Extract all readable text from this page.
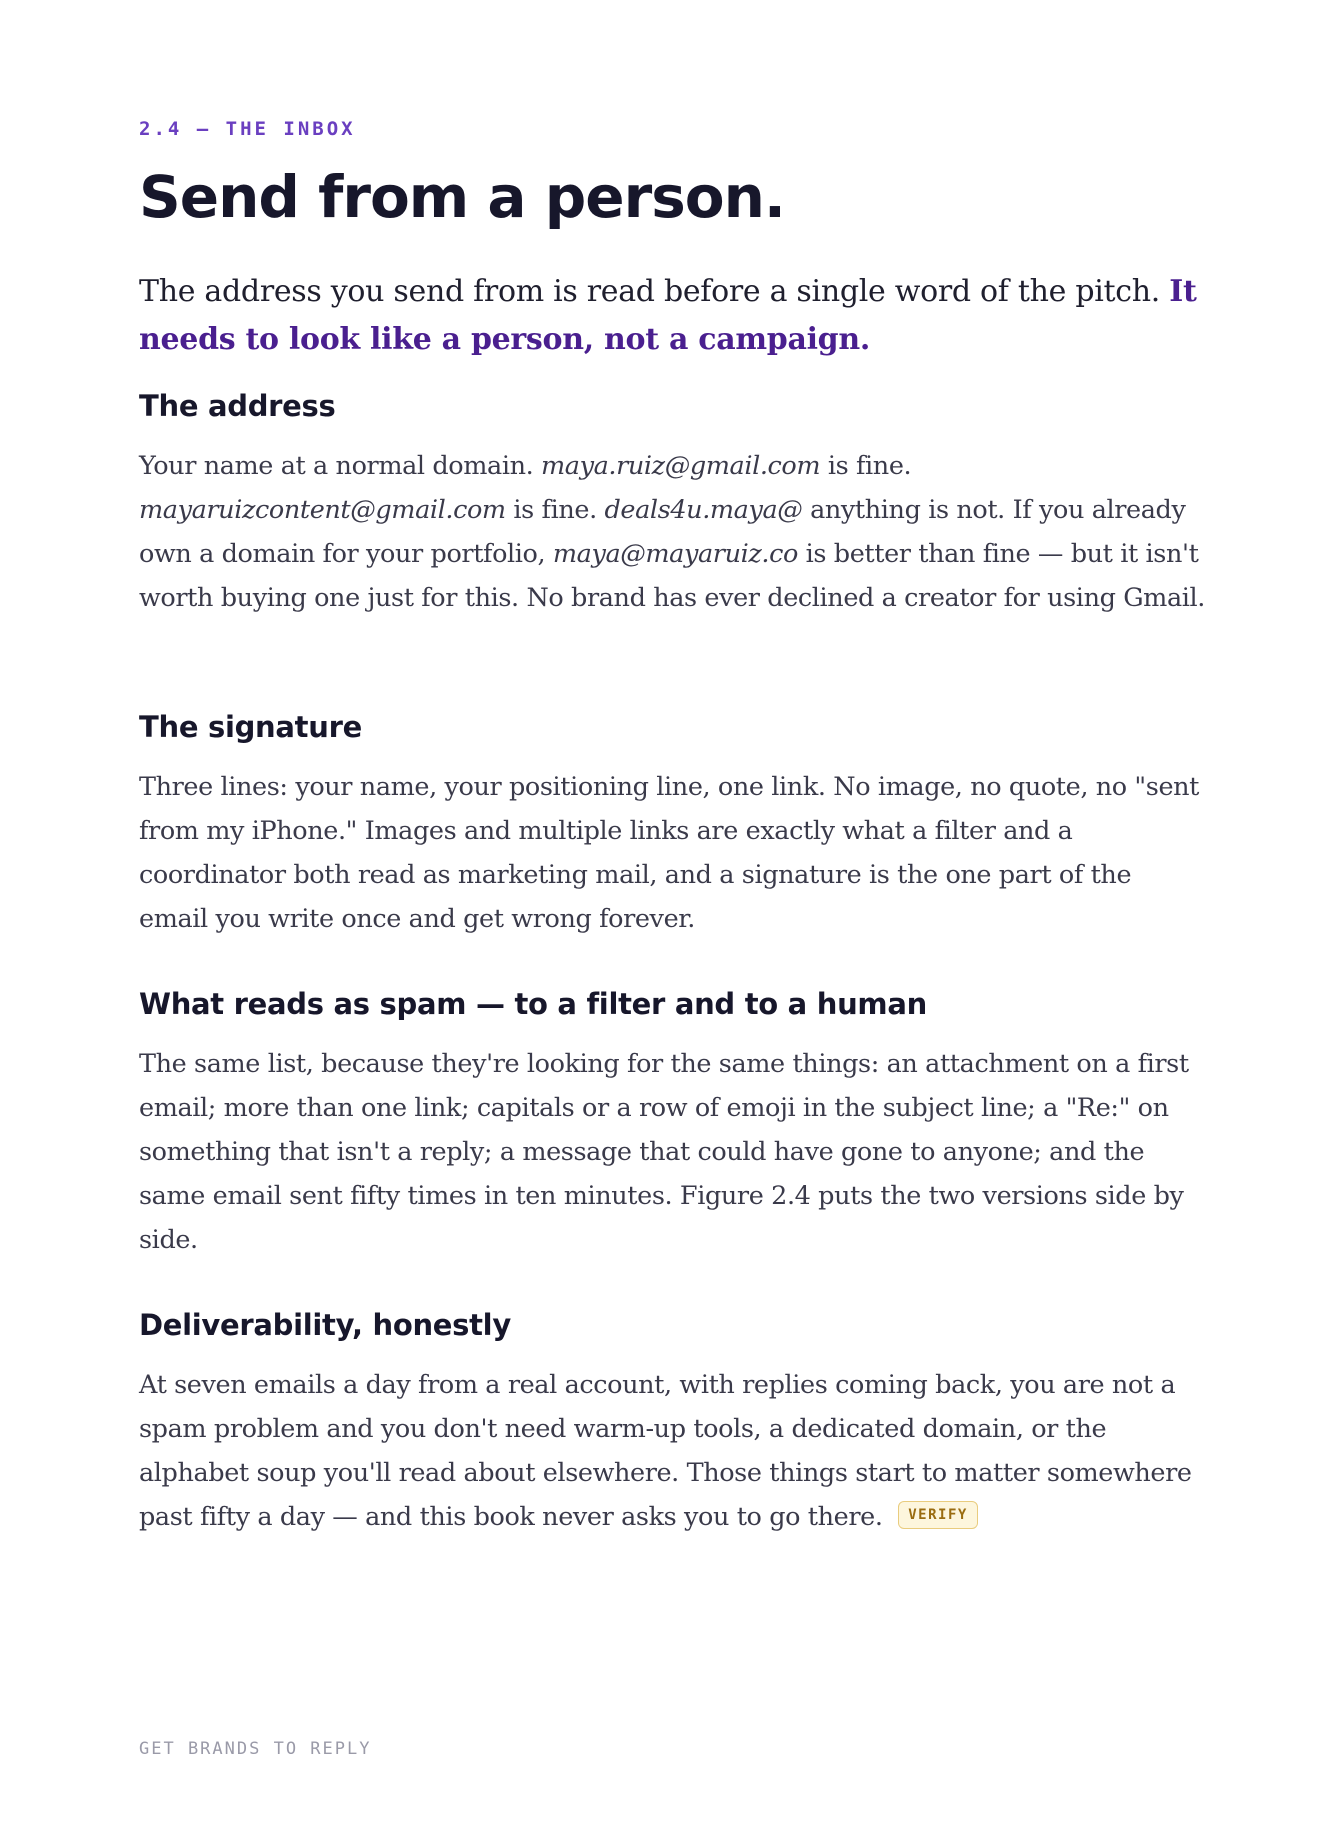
2.4 — THE INBOX
Send from a person.

The address you send from is read before a single word of the pitch. It needs to look like a person, not a campaign.

The address

Your name at a normal domain. maya.ruiz@gmail.com is fine. mayaruizcontent@gmail.com is fine. deals4u.maya@ anything is not. If you already own a domain for your portfolio, maya@mayaruiz.co is better than fine — but it isn't worth buying one just for this. No brand has ever declined a creator for using Gmail.

The signature

Three lines: your name, your positioning line, one link. No image, no quote, no "sent from my iPhone." Images and multiple links are exactly what a filter and a coordinator both read as marketing mail, and a signature is the one part of the email you write once and get wrong forever.

What reads as spam — to a filter and to a human

The same list, because they're looking for the same things: an attachment on a first email; more than one link; capitals or a row of emoji in the subject line; a "Re:" on something that isn't a reply; a message that could have gone to anyone; and the same email sent fifty times in ten minutes. Figure 2.4 puts the two versions side by side.

Deliverability, honestly

At seven emails a day from a real account, with replies coming back, you are not a spam problem and you don't need warm-up tools, a dedicated domain, or the alphabet soup you'll read about elsewhere. Those things start to matter somewhere past fifty a day — and this book never asks you to go there. VERIFY

GET BRANDS TO REPLY
